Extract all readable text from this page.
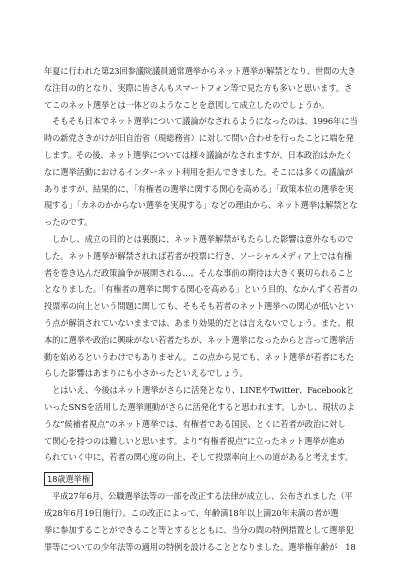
年夏に行われた第23回参議院議員通常選挙からネット選挙が解禁となり、世間の大き
な注目の的となり、実際に皆さんもスマートフォン等で見た方も多いと思います。さ
てこのネット選挙とは一体どのようなことを意図して成立したのでしょうか。
そもそも日本でネット選挙について議論がなされるようになったのは、1996年に当
時の新党さきがけが旧自治省（現総務省）に対して問い合わせを行ったことに端を発
します。その後、ネット選挙については様々議論がなされますが、日本政治はかたく
なに選挙活動におけるインターネット利用を拒んできました。そこには多くの議論が
ありますが、結果的に、「有権者の選挙に関する関心を高める」「政策本位の選挙を実
現する」「カネのかからない選挙を実現する」などの理由から、ネット選挙は解禁とな
ったのです。
しかし、成立の目的とは裏腹に、ネット選挙解禁がもたらした影響は意外なもので
した。ネット選挙が解禁されれば若者が投票に行き、ソーシャルメディア上では有権
者を巻き込んだ政策論争が展開される…。そんな事前の期待は大きく裏切られること
となりました。「有権者の選挙に関する関心を高める」という目的、なかんずく若者の
投票率の向上という問題に関しても、そもそも若者のネット選挙への関心が低いとい
う点が解消されていないままでは、あまり効果的だとは言えないでしょう。また、根
本的に選挙や政治に興味がない若者たちが、ネット選挙になったからと言って選挙活
動を始めるというわけでもありません。この点から見ても、ネット選挙が若者にもた
らした影響はあまりにも小さかったといえるでしょう。
とはいえ、今後はネット選挙がさらに活発となり、LINEやTwitter、Facebookと
いったSNSを活用した選挙運動がさらに活発化すると思われます。しかし、現状のよ
うな“候補者視点”のネット選挙では、有権者である国民、とくに若者が政治に対し
て関心を持つのは難しいと思います。より“有権者視点”に立ったネット選挙が進め
られていく中に、若者の関心度の向上、そして投票率向上への道があると考えます。
18歳選挙権
平成27年6月、公職選挙法等の一部を改正する法律が成立し、公布されました（平
成28年6月19日施行）。この改正によって、年齢満18年以上満20年未満の者が選
挙に参加することができること等とするとともに、当分の間の特例措置として選挙犯
罪等についての少年法等の適用の特例を設けることとなりました。選挙権年齢が　18
